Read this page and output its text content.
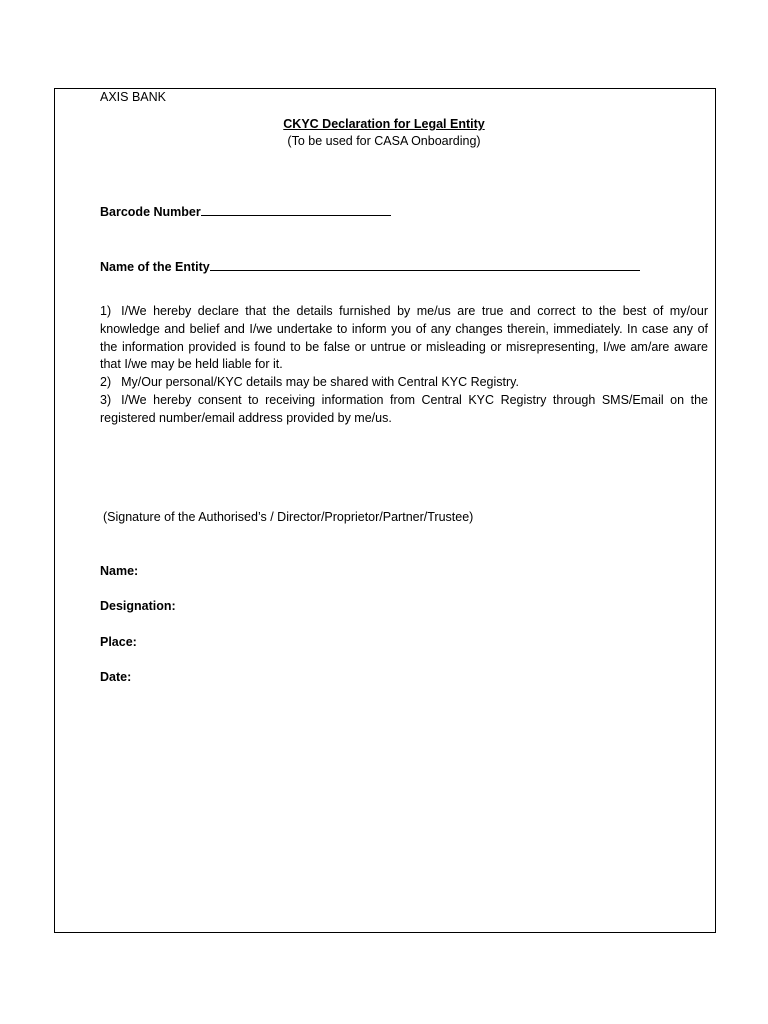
AXIS BANK
CKYC Declaration for Legal Entity
(To be used for CASA Onboarding)
Barcode Number
Name of the Entity

1) I/We hereby declare that the details furnished by me/us are true and correct to the best of my/our knowledge and belief and I/we undertake to inform you of any changes therein, immediately. In case any of the information provided is found to be false or untrue or misleading or misrepresenting, I/we am/are aware that I/we may be held liable for it.

2) My/Our personal/KYC details may be shared with Central KYC Registry.

3) I/We hereby consent to receiving information from Central KYC Registry through SMS/Email on the registered number/email address provided by me/us.

(Signature of the Authorised’s / Director/Proprietor/Partner/Trustee)
Name:
Designation:
Place:
Date:
